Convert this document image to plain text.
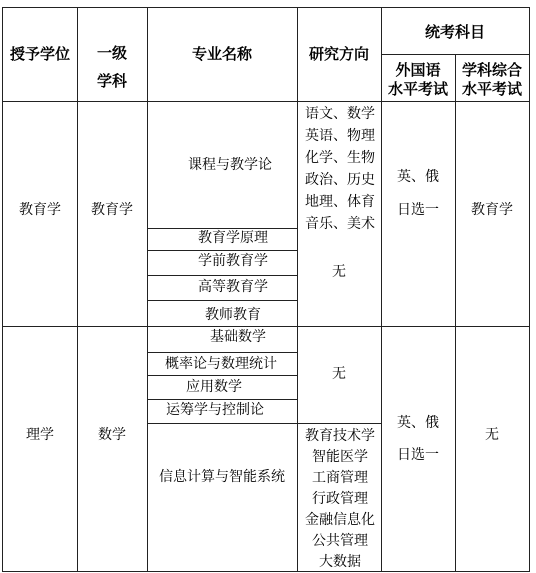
授予学位 一级
学科
专业名称	研究方向
统考科目
外国语
水平考试
学科综合
水平考试
教育学 教育学
课程与教学论
教育学原理
学前教育学
高等教育学
教师教育
语文、数学
英语、物理
化学、生物
政治、历史
地理、体育
音乐、美术
无
英、俄
日选一 教育学
理学	数学
基础数学
概率论与数理统计
应用数学
运筹学与控制论
信息计算与智能系统
无
教育技术学
智能医学
工商管理
行政管理
金融信息化
公共管理
大数据
英、俄
日选一
无
